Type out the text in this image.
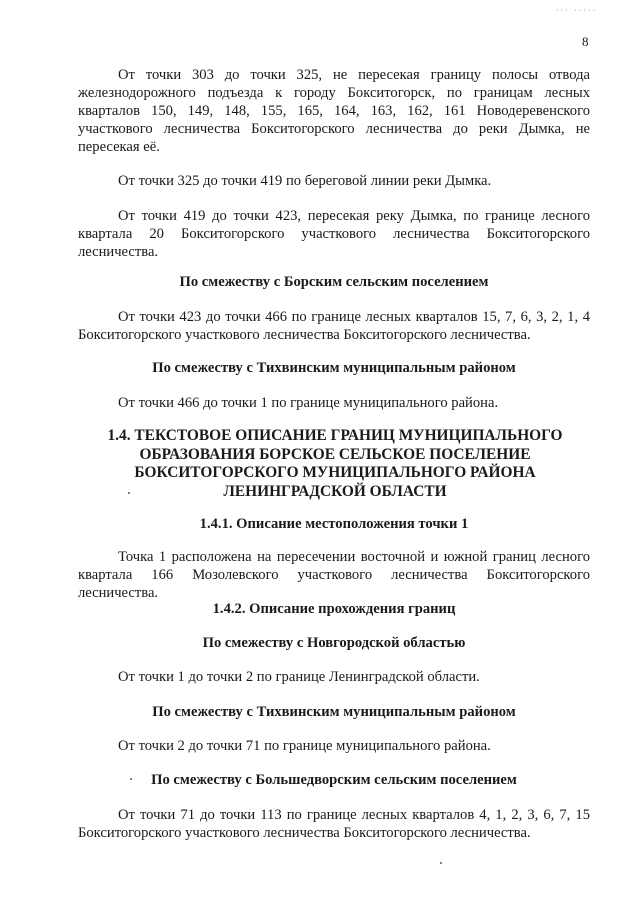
··· ·····
8

От точки 303 до точки 325, не пересекая границу полосы отвода железнодорожного подъезда к городу Бокситогорск, по границам лесных кварталов 150, 149, 148, 155, 165, 164, 163, 162, 161 Новодеревенского участкового лесничества Бокситогорского лесничества до реки Дымка, не пересекая её.

От точки 325 до точки 419 по береговой линии реки Дымка.

От точки 419 до точки 423, пересекая реку Дымка, по границе лесного квартала 20 Бокситогорского участкового лесничества Бокситогорского лесничества.

По смежеству с Борским сельским поселением

От точки 423 до точки 466 по границе лесных кварталов 15, 7, 6, 3, 2, 1, 4 Бокситогорского участкового лесничества Бокситогорского лесничества.

По смежеству с Тихвинским муниципальным районом

От точки 466 до точки 1 по границе муниципального района.

1.4. ТЕКСТОВОЕ ОПИСАНИЕ ГРАНИЦ МУНИЦИПАЛЬНОГО ОБРАЗОВАНИЯ БОРСКОЕ СЕЛЬСКОЕ ПОСЕЛЕНИЕ БОКСИТОГОРСКОГО МУНИЦИПАЛЬНОГО РАЙОНА ЛЕНИНГРАДСКОЙ ОБЛАСТИ

1.4.1. Описание местоположения точки 1

Точка 1 расположена на пересечении восточной и южной границ лесного квартала 166 Мозолевского участкового лесничества Бокситогорского лесничества.

1.4.2. Описание прохождения границ

По смежеству с Новгородской областью

От точки 1 до точки 2 по границе Ленинградской области.

По смежеству с Тихвинским муниципальным районом

От точки 2 до точки 71 по границе муниципального района.

По смежеству с Большедворским сельским поселением

От точки 71 до точки 113 по границе лесных кварталов 4, 1, 2, 3, 6, 7, 15 Бокситогорского участкового лесничества Бокситогорского лесничества.
